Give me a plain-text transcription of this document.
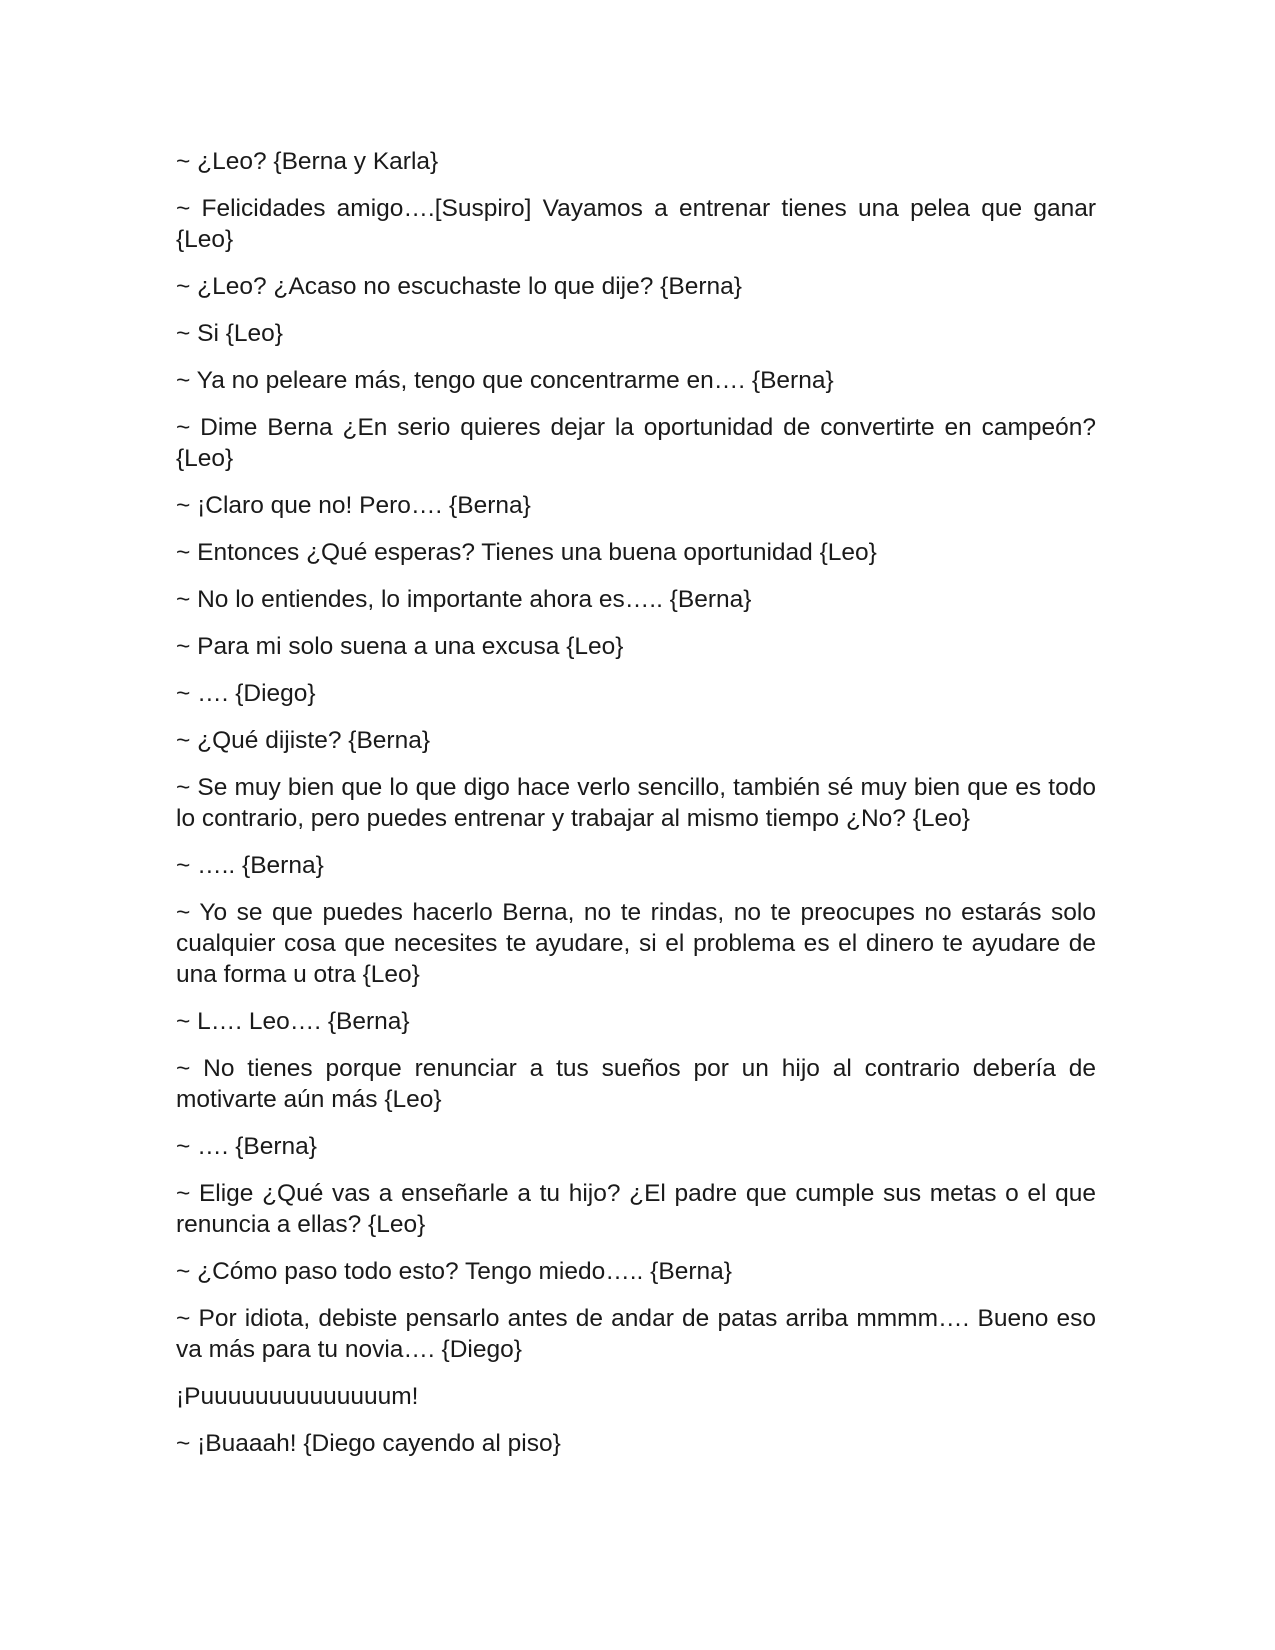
~ ¿Leo? {Berna y Karla}

~ Felicidades amigo….[Suspiro] Vayamos a entrenar tienes una pelea que ganar {Leo}

~ ¿Leo? ¿Acaso no escuchaste lo que dije? {Berna}

~ Si {Leo}

~ Ya no peleare más, tengo que concentrarme en…. {Berna}

~ Dime Berna ¿En serio quieres dejar la oportunidad de convertirte en campeón? {Leo}

~ ¡Claro que no! Pero…. {Berna}

~ Entonces ¿Qué esperas? Tienes una buena oportunidad {Leo}

~ No lo entiendes, lo importante ahora es….. {Berna}

~ Para mi solo suena a una excusa {Leo}

~ …. {Diego}

~ ¿Qué dijiste? {Berna}

~ Se muy bien que lo que digo hace verlo sencillo, también sé muy bien que es todo lo contrario, pero puedes entrenar y trabajar al mismo tiempo ¿No? {Leo}

~ ….. {Berna}

~ Yo se que puedes hacerlo Berna, no te rindas, no te preocupes no estarás solo cualquier cosa que necesites te ayudare, si el problema es el dinero te ayudare de una forma u otra {Leo}

~ L…. Leo…. {Berna}

~ No tienes porque renunciar a tus sueños por un hijo al contrario debería de motivarte aún más {Leo}

~ …. {Berna}

~ Elige ¿Qué vas a enseñarle a tu hijo? ¿El padre que cumple sus metas o el que renuncia a ellas? {Leo}

~ ¿Cómo paso todo esto? Tengo miedo….. {Berna}

~ Por idiota, debiste pensarlo antes de andar de patas arriba mmmm…. Bueno eso va más para tu novia…. {Diego}

¡Puuuuuuuuuuuuuum!

~ ¡Buaaah! {Diego cayendo al piso}
